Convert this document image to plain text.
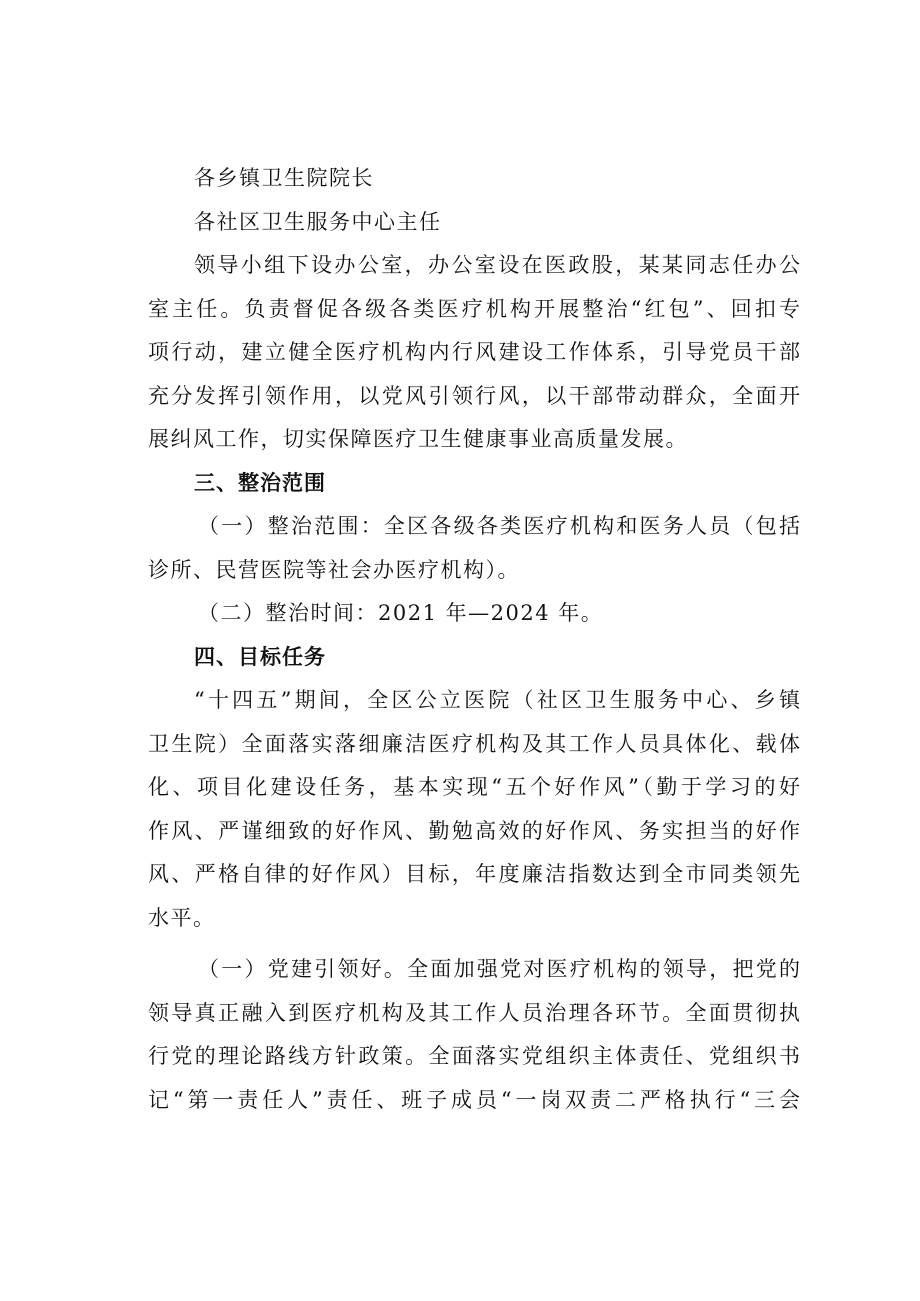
各乡镇卫生院院长
各社区卫生服务中心主任
领导小组下设办公室，办公室设在医政股，某某同志任办公
室主任。负责督促各级各类医疗机构开展整治“红包”、回扣专
项行动，建立健全医疗机构内行风建设工作体系，引导党员干部
充分发挥引领作用，以党风引领行风，以干部带动群众，全面开
展纠风工作，切实保障医疗卫生健康事业高质量发展。
三、整治范围
（一）整治范围：全区各级各类医疗机构和医务人员（包括
诊所、民营医院等社会办医疗机构）。
（二）整治时间：2021 年—2024 年。
四、目标任务
“十四五”期间，全区公立医院（社区卫生服务中心、乡镇
卫生院）全面落实落细廉洁医疗机构及其工作人员具体化、载体
化、项目化建设任务，基本实现“五个好作风”（勤于学习的好
作风、严谨细致的好作风、勤勉高效的好作风、务实担当的好作
风、严格自律的好作风）目标，年度廉洁指数达到全市同类领先
水平。
（一）党建引领好。全面加强党对医疗机构的领导，把党的
领导真正融入到医疗机构及其工作人员治理各环节。全面贯彻执
行党的理论路线方针政策。全面落实党组织主体责任、党组织书
记“第一责任人”责任、班子成员“一岗双责二严格执行“三会
